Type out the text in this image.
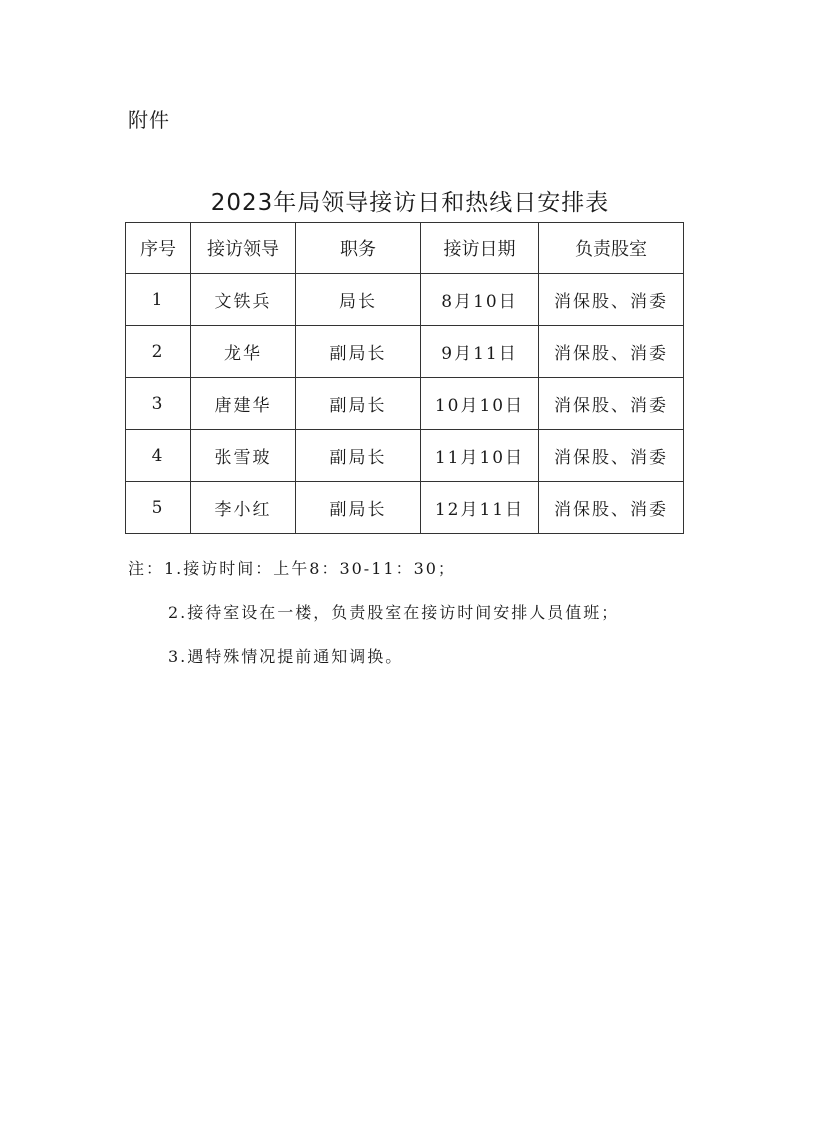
附件
2023年局领导接访日和热线日安排表
序号	接访领导	职务	接访日期	负责股室
1	文铁兵	局长	8月10日	消保股、消委
2	龙华	副局长	9月11日	消保股、消委
3	唐建华	副局长	10月10日	消保股、消委
4	张雪玻	副局长	11月10日	消保股、消委
5	李小红	副局长	12月11日	消保股、消委
注：1.接访时间：上午8：30-11：30；
2.接待室设在一楼，负责股室在接访时间安排人员值班；
3.遇特殊情况提前通知调换。
